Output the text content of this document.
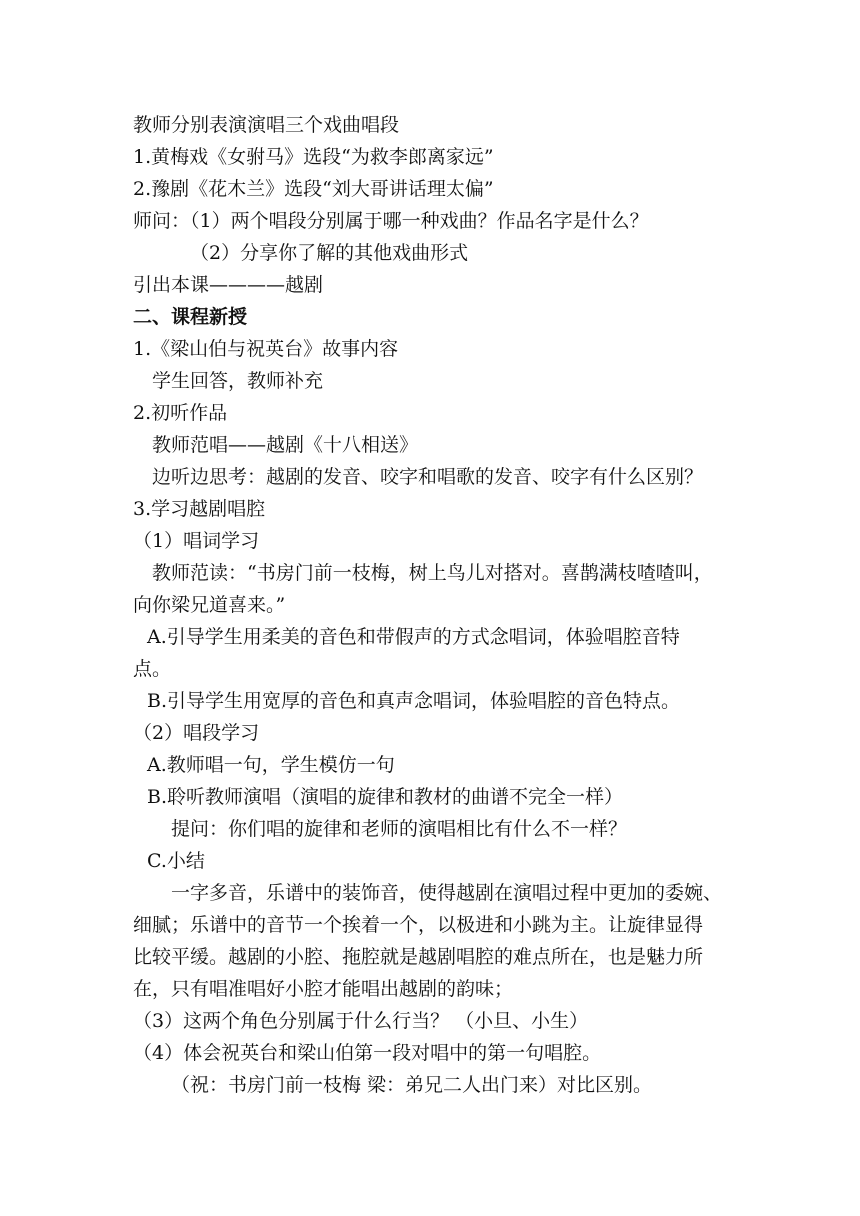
教师分别表演演唱三个戏曲唱段
1.黄梅戏《女驸马》选段“为救李郎离家远”
2.豫剧《花木兰》选段“刘大哥讲话理太偏”
师问：（1）两个唱段分别属于哪一种戏曲？作品名字是什么？
（2）分享你了解的其他戏曲形式
引出本课————越剧
二、课程新授
1.《梁山伯与祝英台》故事内容
学生回答，教师补充
2.初听作品
教师范唱——越剧《十八相送》
边听边思考：越剧的发音、咬字和唱歌的发音、咬字有什么区别？
3.学习越剧唱腔
（1）唱词学习
教师范读：“书房门前一枝梅，树上鸟儿对搭对。喜鹊满枝喳喳叫，
向你梁兄道喜来。”
A.引导学生用柔美的音色和带假声的方式念唱词，体验唱腔音特
点。
B.引导学生用宽厚的音色和真声念唱词，体验唱腔的音色特点。
（2）唱段学习
A.教师唱一句，学生模仿一句
B.聆听教师演唱（演唱的旋律和教材的曲谱不完全一样）
提问：你们唱的旋律和老师的演唱相比有什么不一样？
C.小结
一字多音，乐谱中的装饰音，使得越剧在演唱过程中更加的委婉、
细腻；乐谱中的音节一个挨着一个，以极进和小跳为主。让旋律显得
比较平缓。越剧的小腔、拖腔就是越剧唱腔的难点所在，也是魅力所
在，只有唱准唱好小腔才能唱出越剧的韵味；
（3）这两个角色分别属于什么行当？ （小旦、小生）
（4）体会祝英台和梁山伯第一段对唱中的第一句唱腔。
（祝：书房门前一枝梅 梁：弟兄二人出门来）对比区别。
